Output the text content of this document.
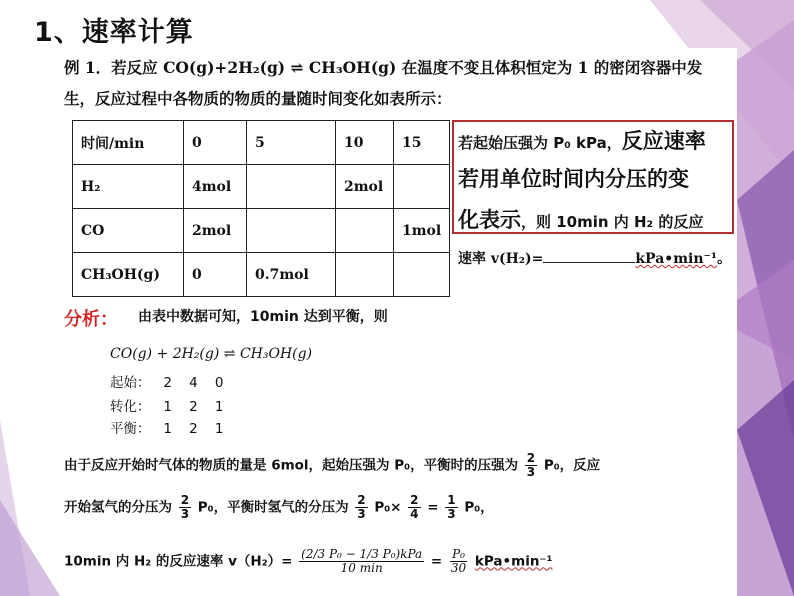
1、速率计算
例 1．若反应 CO(g)+2H₂(g) ⇌ CH₃OH(g) 在温度不变且体积恒定为 1 的密闭容器中发
生，反应过程中各物质的物质的量随时间变化如表所示：
时间/min	0	5	10	15
H₂	4mol		2mol	
CO	2mol			1mol
CH₃OH(g)	0	0.7mol		
若起始压强为 P₀ kPa，反应速率
若用单位时间内分压的变
化表示，则 10min 内 H₂ 的反应
速率 v(H₂)=	kPa•min⁻¹。
分析： 由表中数据可知，10min 达到平衡，则
CO(g) + 2H₂(g) ⇌ CH₃OH(g)
起始：   2    4    0
转化：   1    2    1
平衡：   1    2    1
由于反应开始时气体的物质的量是 6mol，起始压强为 P₀，平衡时的压强为 $\frac{2}{3} P_0$，反应
开始氢气的分压为 $\frac{2}{3} P_0$，平衡时氢气的分压为 $\frac{2}{3} P_0\times \frac{2}{4} = \frac{1}{3} P_0$，
10min 内 H₂ 的反应速率 $v(H_2)= \frac{\text{(2/3 P₀ − 1/3 P₀)kPa}}{10 \min} = \frac{\text{P₀}}{30}$ kPa•min⁻¹
